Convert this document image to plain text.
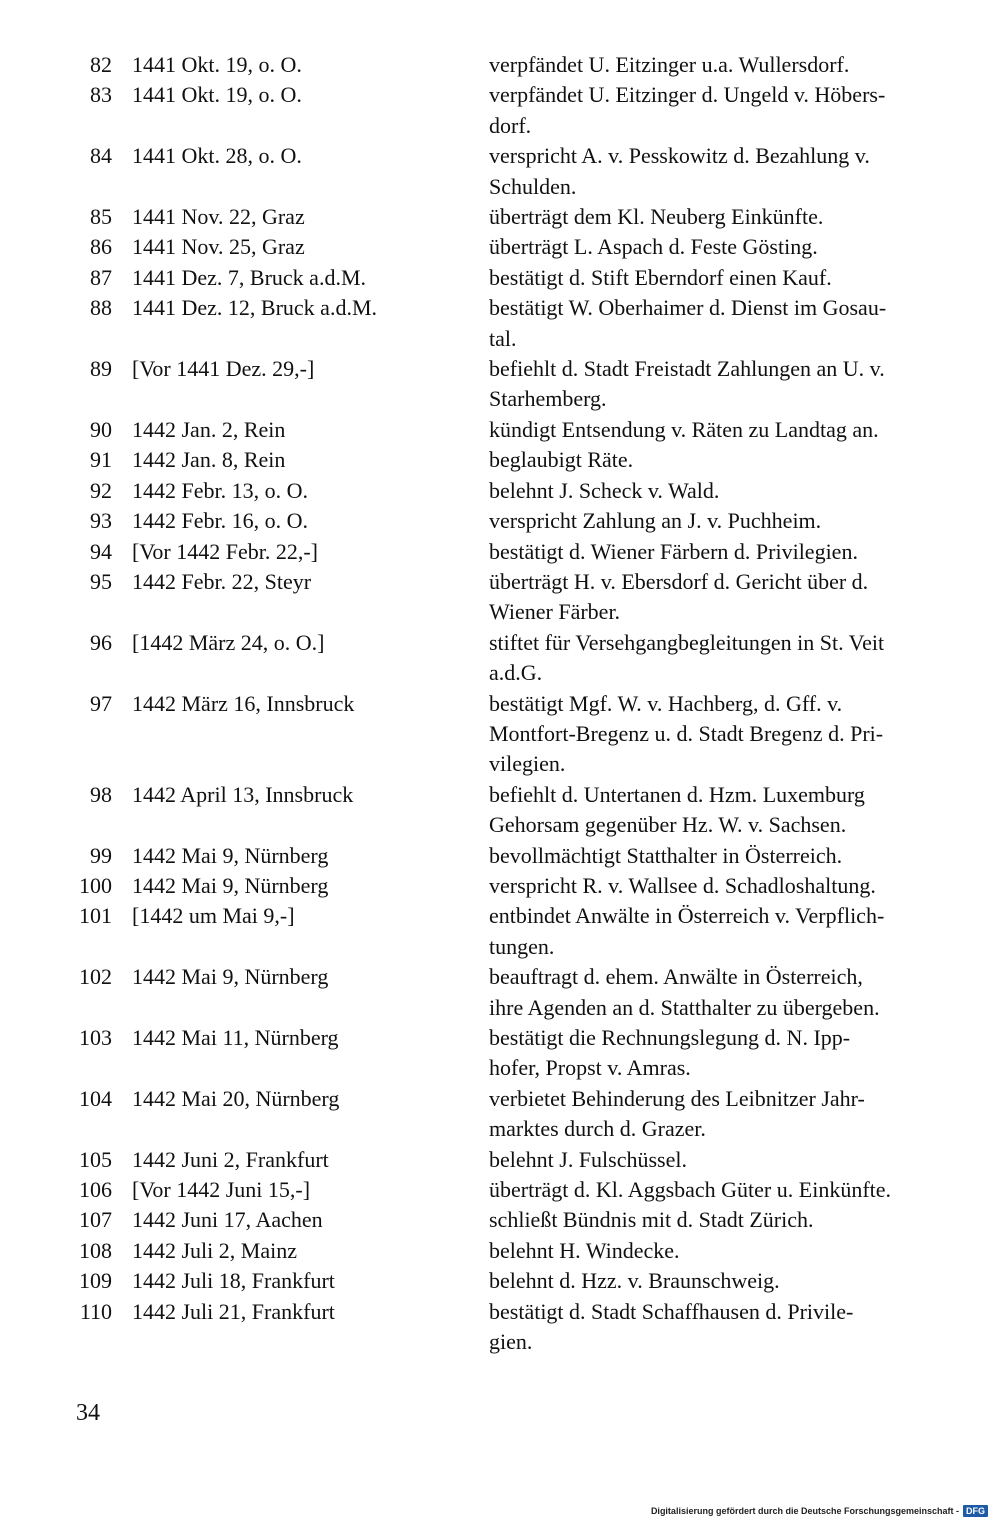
82 1441 Okt. 19, o. O.	verpfändet U. Eitzinger u.a. Wullersdorf.
83 1441 Okt. 19, o. O.	verpfändet U. Eitzinger d. Ungeld v. Höbers-
dorf.
84 1441 Okt. 28, o. O.	verspricht A. v. Pesskowitz d. Bezahlung v.
Schulden.
85 1441 Nov. 22, Graz	überträgt dem Kl. Neuberg Einkünfte.
86 1441 Nov. 25, Graz	überträgt L. Aspach d. Feste Gösting.
87 1441 Dez. 7, Bruck a.d.M.	bestätigt d. Stift Eberndorf einen Kauf.
88 1441 Dez. 12, Bruck a.d.M.	bestätigt W. Oberhaimer d. Dienst im Gosau-
tal.
89 [Vor 1441 Dez. 29,-]	befiehlt d. Stadt Freistadt Zahlungen an U. v.
Starhemberg.
90 1442 Jan. 2, Rein	kündigt Entsendung v. Räten zu Landtag an.
91 1442 Jan. 8, Rein	beglaubigt Räte.
92 1442 Febr. 13, o. O.	belehnt J. Scheck v. Wald.
93 1442 Febr. 16, o. O.	verspricht Zahlung an J. v. Puchheim.
94 [Vor 1442 Febr. 22,-]	bestätigt d. Wiener Färbern d. Privilegien.
95 1442 Febr. 22, Steyr	überträgt H. v. Ebersdorf d. Gericht über d.
Wiener Färber.
96 [1442 März 24, o. O.]	stiftet für Versehgangbegleitungen in St. Veit
a.d.G.
97 1442 März 16, Innsbruck	bestätigt Mgf. W. v. Hachberg, d. Gff. v.
Montfort-Bregenz u. d. Stadt Bregenz d. Pri-
vilegien.
98 1442 April 13, Innsbruck	befiehlt d. Untertanen d. Hzm. Luxemburg
Gehorsam gegenüber Hz. W. v. Sachsen.
99 1442 Mai 9, Nürnberg	bevollmächtigt Statthalter in Österreich.
100 1442 Mai 9, Nürnberg	verspricht R. v. Wallsee d. Schadloshaltung.
101 [1442 um Mai 9,-]	entbindet Anwälte in Österreich v. Verpflich-
tungen.
102 1442 Mai 9, Nürnberg	beauftragt d. ehem. Anwälte in Österreich,
ihre Agenden an d. Statthalter zu übergeben.
103 1442 Mai 11, Nürnberg	bestätigt die Rechnungslegung d. N. Ipp-
hofer, Propst v. Amras.
104 1442 Mai 20, Nürnberg	verbietet Behinderung des Leibnitzer Jahr-
marktes durch d. Grazer.
105 1442 Juni 2, Frankfurt	belehnt J. Fulschüssel.
106 [Vor 1442 Juni 15,-]	überträgt d. Kl. Aggsbach Güter u. Einkünfte.
107 1442 Juni 17, Aachen	schließt Bündnis mit d. Stadt Zürich.
108 1442 Juli 2, Mainz	belehnt H. Windecke.
109 1442 Juli 18, Frankfurt	belehnt d. Hzz. v. Braunschweig.
110 1442 Juli 21, Frankfurt	bestätigt d. Stadt Schaffhausen d. Privile-
gien.
34
Digitalisierung gefördert durch die Deutsche Forschungsgemeinschaft - DFG
